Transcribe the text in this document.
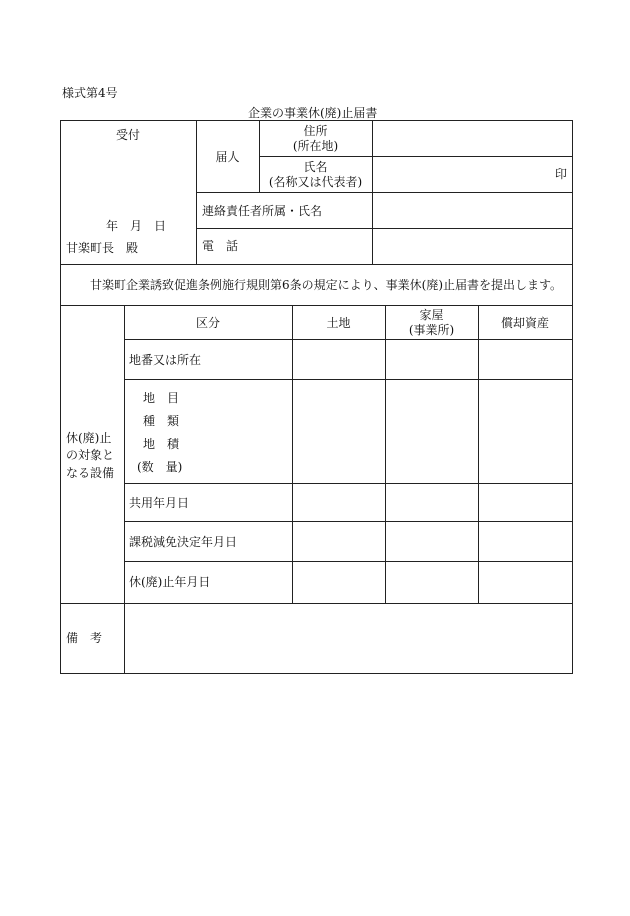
様式第4号
企業の事業休(廃)止届書
受付
年　月　日
甘楽町長　殿
届人
住所
(所在地)
氏名
(名称又は代表者)
印
連絡責任者所属・氏名
電　話
甘楽町企業誘致促進条例施行規則第6条の規定により、事業休(廃)止届書を提出します。
休(廃)止
の対象と
なる設備
区分	土地
家屋
(事業所)	償却資産
地番又は所在
地　目
種　類
地　積
(数　量)
共用年月日
課税減免決定年月日
休(廃)止年月日
備　考
